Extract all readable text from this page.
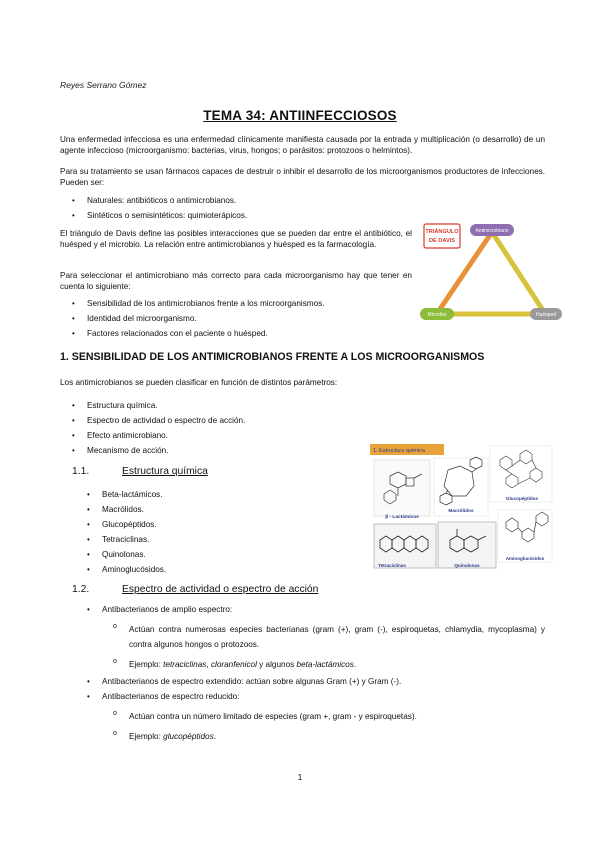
Reyes Serrano Gómez
TEMA 34: ANTIINFECCIOSOS
Una enfermedad infecciosa es una enfermedad clínicamente manifiesta causada por la entrada y multiplicación (o desarrollo) de un agente infeccioso (microorganismo: bacterias, virus, hongos; o parásitos: protozoos o helmintos).
Para su tratamiento se usan fármacos capaces de destruir o inhibir el desarrollo de los microorganismos productores de infecciones. Pueden ser:
• Naturales: antibióticos o antimicrobianos.
• Sintéticos o semisintéticos: quimioterápicos.
El triángulo de Davis define las posibles interacciones que se pueden dar entre el antibiótico, el huésped y el microbio. La relación entre antimicrobianos y huésped es la farmacología.
Para seleccionar el antimicrobiano más correcto para cada microorganismo hay que tener en cuenta lo siguiente:
• Sensibilidad de los antimicrobianos frente a los microorganismos.
• Identidad del microorganismo.
• Factores relacionados con el paciente o huésped.
TRIÁNGULO
DE DAVIS
Antimicrobiano
Microbio	Huésped
1. SENSIBILIDAD DE LOS ANTIMICROBIANOS FRENTE A LOS MICROORGANISMOS
Los antimicrobianos se pueden clasificar en función de distintos parámetros:
• Estructura química.
• Espectro de actividad o espectro de acción.
• Efecto antimicrobiano.
• Mecanismo de acción.
1.1.	Estructura química
• Beta-lactámicos.
• Macrólidos.
• Glucopéptidos.
• Tetraciclinas.
• Quinolonas.
• Aminoglucósidos.
1. Estructura química
β - Lactámicos
Macrólidos
Glucopéptidos
Tetraciclinas	Quinolonas
Aminoglucósidos
1.2.	Espectro de actividad o espectro de acción
• Antibacterianos de amplio espectro:
o Actúan contra numerosas especies bacterianas (gram (+), gram (-), espiroquetas, chlamydia, mycoplasma) y contra algunos hongos o protozoos.
o Ejemplo: tetraciclinas, cloranfenicol y algunos beta-lactámicos.
• Antibacterianos de espectro extendido: actúan sobre algunas Gram (+) y Gram (-).
• Antibacterianos de espectro reducido:
o Actúan contra un número limitado de especies (gram +, gram - y espiroquetas).
o Ejemplo: glucopéptidos.
1
